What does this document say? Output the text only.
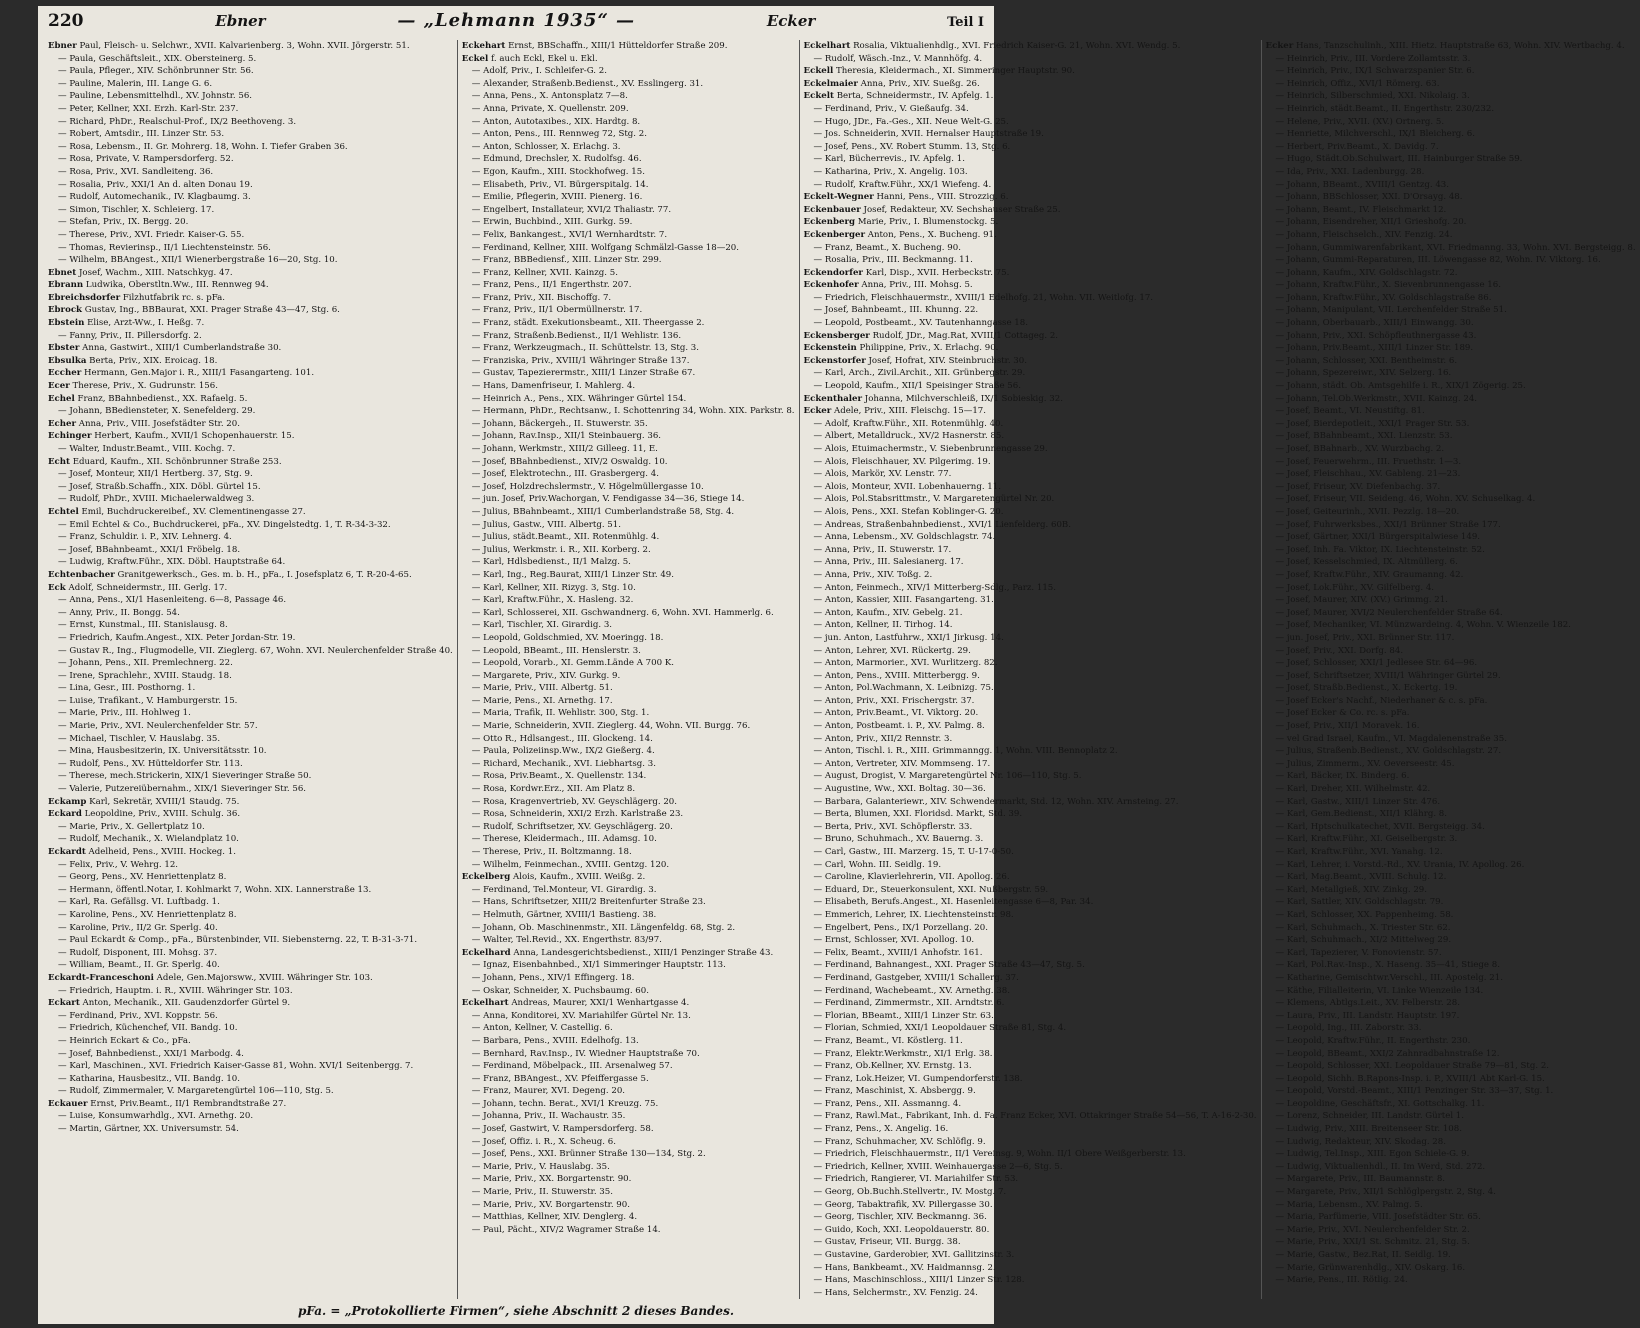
220	Ebner	— „Lehmann 1935“ —	Ecker	Teil I

Ebner Paul, Fleisch- u. Selchwr., XVII. Kalvarienberg. 3, Wohn. XVII. Jörgerstr. 51.

— Paula, Geschäftsleit., XIX. Obersteinerg. 5.

— Paula, Pfleger., XIV. Schönbrunner Str. 56.

— Pauline, Malerin, III. Lange G. 6.

— Pauline, Lebensmittelhdl., XV. Johnstr. 56.

— Peter, Kellner, XXI. Erzh. Karl-Str. 237.

— Richard, PhDr., Realschul-Prof., IX/2 Beethoveng. 3.

— Robert, Amtsdir., III. Linzer Str. 53.

— Rosa, Lebensm., II. Gr. Mohrerg. 18, Wohn. I. Tiefer Graben 36.

— Rosa, Private, V. Rampersdorferg. 52.

— Rosa, Priv., XVI. Sandleiteng. 36.

— Rosalia, Priv., XXI/1 An d. alten Donau 19.

— Rudolf, Automechanik., IV. Klagbaumg. 3.

— Simon, Tischler, X. Schleierg. 17.

— Stefan, Priv., IX. Bergg. 20.

— Therese, Priv., XVI. Friedr. Kaiser-G. 55.

— Thomas, Revierinsp., II/1 Liechtensteinstr. 56.

— Wilhelm, BBAngest., XII/1 Wienerbergstraße 16—20, Stg. 10.

Ebnet Josef, Wachm., XIII. Natschkyg. 47.

Ebrann Ludwika, Oberstltn.Ww., III. Rennweg 94.

Ebreichsdorfer Filzhutfabrik rc. s. pFa.

Ebrock Gustav, Ing., BBBaurat, XXI. Prager Straße 43—47, Stg. 6.

Ebstein Elise, Arzt-Ww., I. Heßg. 7.

— Fanny, Priv., II. Pillersdorfg. 2.

Ebster Anna, Gastwirt., XIII/1 Cumberlandstraße 30.

Ebsulka Berta, Priv., XIX. Eroicag. 18.

Eccher Hermann, Gen.Major i. R., XIII/1 Fasangarteng. 101.

Ecer Therese, Priv., X. Gudrunstr. 156.

Echel Franz, BBahnbedienst., XX. Rafaelg. 5.

— Johann, BBediensteter, X. Senefelderg. 29.

Echer Anna, Priv., VIII. Josefstädter Str. 20.

Echinger Herbert, Kaufm., XVII/1 Schopenhauerstr. 15.

— Walter, Industr.Beamt., VIII. Kochg. 7.

Echt Eduard, Kaufm., XII. Schönbrunner Straße 253.

— Josef, Monteur, XII/1 Hertberg. 37, Stg. 9.

— Josef, Straßb.Schaffn., XIX. Döbl. Gürtel 15.

— Rudolf, PhDr., XVIII. Michaelerwaldweg 3.

Echtel Emil, Buchdruckereibef., XV. Clementinengasse 27.

— Emil Echtel & Co., Buchdruckerei, pFa., XV. Dingelstedtg. 1, T. R-34-3-32.

— Franz, Schuldir. i. P., XIV. Lehnerg. 4.

— Josef, BBahnbeamt., XXI/1 Fröbelg. 18.

— Ludwig, Kraftw.Führ., XIX. Döbl. Hauptstraße 64.

Echtenbacher Granitgewerksch., Ges. m. b. H., pFa., I. Josefsplatz 6, T. R-20-4-65.

Eck Adolf, Schneidermstr., III. Gerlg. 17.

— Anna, Pens., XI/1 Hasenleiteng. 6—8, Passage 46.

— Anny, Priv., II. Bongg. 54.

— Ernst, Kunstmal., III. Stanislausg. 8.

— Friedrich, Kaufm.Angest., XIX. Peter Jordan-Str. 19.

— Gustav R., Ing., Flugmodelle, VII. Zieglerg. 67, Wohn. XVI. Neulerchenfelder Straße 40.

— Johann, Pens., XII. Premlechnerg. 22.

— Irene, Sprachlehr., XVIII. Staudg. 18.

— Lina, Gesr., III. Posthorng. 1.

— Luise, Trafikant., V. Hamburgerstr. 15.

— Marie, Priv., III. Hohlweg 1.

— Marie, Priv., XVI. Neulerchenfelder Str. 57.

— Michael, Tischler, V. Hauslabg. 35.

— Mina, Hausbesitzerin, IX. Universitätsstr. 10.

— Rudolf, Pens., XV. Hütteldorfer Str. 113.

— Therese, mech.Strickerin, XIX/1 Sieveringer Straße 50.

— Valerie, Putzereiübernahm., XIX/1 Sieveringer Str. 56.

Eckamp Karl, Sekretär, XVIII/1 Staudg. 75.

Eckard Leopoldine, Priv., XVIII. Schulg. 36.

— Marie, Priv., X. Gellertplatz 10.

— Rudolf, Mechanik., X. Wielandplatz 10.

Eckardt Adelheid, Pens., XVIII. Hockeg. 1.

— Felix, Priv., V. Wehrg. 12.

— Georg, Pens., XV. Henriettenplatz 8.

— Hermann, öffentl.Notar, I. Kohlmarkt 7, Wohn. XIX. Lannerstraße 13.

— Karl, Ra. Gefällsg. VI. Luftbadg. 1.

— Karoline, Pens., XV. Henriettenplatz 8.

— Karoline, Priv., II/2 Gr. Sperlg. 40.

— Paul Eckardt & Comp., pFa., Bürstenbinder, VII. Siebensterng. 22, T. B-31-3-71.

— Rudolf, Disponent, III. Mohsg. 37.

— William, Beamt., II. Gr. Sperlg. 40.

Eckardt-Franceschoni Adele, Gen.Majorsww., XVIII. Währinger Str. 103.

— Friedrich, Hauptm. i. R., XVIII. Währinger Str. 103.

Eckart Anton, Mechanik., XII. Gaudenzdorfer Gürtel 9.

— Ferdinand, Priv., XVI. Koppstr. 56.

— Friedrich, Küchenchef, VII. Bandg. 10.

— Heinrich Eckart & Co., pFa.

— Josef, Bahnbedienst., XXI/1 Marbodg. 4.

— Karl, Maschinen., XVI. Friedrich Kaiser-Gasse 81, Wohn. XVI/1 Seitenbergg. 7.

— Katharina, Hausbesitz., VII. Bandg. 10.

— Rudolf, Zimmermaler, V. Margaretengürtel 106—110, Stg. 5.

Eckauer Ernst, Priv.Beamt., II/1 Rembrandtstraße 27.

— Luise, Konsumwarhdlg., XVI. Arnethg. 20.

— Martin, Gärtner, XX. Universumstr. 54.

Eckehart Ernst, BBSchaffn., XIII/1 Hütteldorfer Straße 209.

Eckel f. auch Eckl, Ekel u. Ekl.

— Adolf, Priv., I. Schleifer-G. 2.

— Alexander, Straßenb.Bedienst., XV. Esslingerg. 31.

— Anna, Pens., X. Antonsplatz 7—8.

— Anna, Private, X. Quellenstr. 209.

— Anton, Autotaxibes., XIX. Hardtg. 8.

— Anton, Pens., III. Rennweg 72, Stg. 2.

— Anton, Schlosser, X. Erlachg. 3.

— Edmund, Drechsler, X. Rudolfsg. 46.

— Egon, Kaufm., XIII. Stockhofweg. 15.

— Elisabeth, Priv., VI. Bürgerspitalg. 14.

— Emilie, Pflegerin, XVIII. Pienerg. 16.

— Engelbert, Installateur, XVI/2 Thaliastr. 77.

— Erwin, Buchbind., XIII. Gurkg. 59.

— Felix, Bankangest., XVI/1 Wernhardtstr. 7.

— Ferdinand, Kellner, XIII. Wolfgang Schmälzl-Gasse 18—20.

— Franz, BBBediensf., XIII. Linzer Str. 299.

— Franz, Kellner, XVII. Kainzg. 5.

— Franz, Pens., II/1 Engerthstr. 207.

— Franz, Priv., XII. Bischoffg. 7.

— Franz, Priv., II/1 Obermüllnerstr. 17.

— Franz, städt. Exekutionsbeamt., XII. Theergasse 2.

— Franz, Straßenb.Bedienst., II/1 Wehlistr. 136.

— Franz, Werkzeugmach., II. Schüttelstr. 13, Stg. 3.

— Franziska, Priv., XVIII/1 Währinger Straße 137.

— Gustav, Tapezierermstr., XIII/1 Linzer Straße 67.

— Hans, Damenfriseur, I. Mahlerg. 4.

— Heinrich A., Pens., XIX. Währinger Gürtel 154.

— Hermann, PhDr., Rechtsanw., I. Schottenring 34, Wohn. XIX. Parkstr. 8.

— Johann, Bäckergeh., II. Stuwerstr. 35.

— Johann, Rav.Insp., XII/1 Steinbauerg. 36.

— Johann, Werkmstr., XIII/2 Gilleeg. 11, E.

— Josef, BBahnbedienst., XIV/2 Oswaldg. 10.

— Josef, Elektrotechn., III. Grasbergerg. 4.

— Josef, Holzdrechslermstr., V. Högelmüllergasse 10.

— jun. Josef, Priv.Wachorgan, V. Fendigasse 34—36, Stiege 14.

— Julius, BBahnbeamt., XIII/1 Cumberlandstraße 58, Stg. 4.

— Julius, Gastw., VIII. Albertg. 51.

— Julius, städt.Beamt., XII. Rotenmühlg. 4.

— Julius, Werkmstr. i. R., XII. Korberg. 2.

— Karl, Hdlsbedienst., II/1 Malzg. 5.

— Karl, Ing., Reg.Baurat, XIII/1 Linzer Str. 49.

— Karl, Kellner, XII. Rizyg. 3, Stg. 10.

— Karl, Kraftw.Führ., X. Hasleng. 32.

— Karl, Schlosserei, XII. Gschwandnerg. 6, Wohn. XVI. Hammerlg. 6.

— Karl, Tischler, XI. Girardig. 3.

— Leopold, Goldschmied, XV. Moeringg. 18.

— Leopold, BBeamt., III. Henslerstr. 3.

— Leopold, Vorarb., XI. Gemm.Lände A 700 K.

— Margarete, Priv., XIV. Gurkg. 9.

— Marie, Priv., VIII. Albertg. 51.

— Marie, Pens., XI. Arnethg. 17.

— Maria, Trafik, II. Wehlistr. 300, Stg. 1.

— Marie, Schneiderin, XVII. Zieglerg. 44, Wohn. VII. Burgg. 76.

— Otto R., Hdlsangest., III. Glockeng. 14.

— Paula, Polizeiinsp.Ww., IX/2 Gießerg. 4.

— Richard, Mechanik., XVI. Liebhartsg. 3.

— Rosa, Priv.Beamt., X. Quellenstr. 134.

— Rosa, Kordwr.Erz., XII. Am Platz 8.

— Rosa, Kragenvertrieb, XV. Geyschlägerg. 20.

— Rosa, Schneiderin, XXI/2 Erzh. Karlstraße 23.

— Rudolf, Schriftsetzer, XV. Geyschlägerg. 20.

— Therese, Kleidermach., III. Adamsg. 10.

— Therese, Priv., II. Boltzmanng. 18.

— Wilhelm, Feinmechan., XVIII. Gentzg. 120.

Eckelberg Alois, Kaufm., XVIII. Weißg. 2.

— Ferdinand, Tel.Monteur, VI. Girardig. 3.

— Hans, Schriftsetzer, XIII/2 Breitenfurter Straße 23.

— Helmuth, Gärtner, XVIII/1 Bastieng. 38.

— Johann, Ob. Maschinenmstr., XII. Längenfeldg. 68, Stg. 2.

— Walter, Tel.Revid., XX. Engerthstr. 83/97.

Eckelhard Anna, Landesgerichtsbedienst., XIII/1 Penzinger Straße 43.

— Ignaz, Eisenbahnbed., XI/1 Simmeringer Hauptstr. 113.

— Johann, Pens., XIV/1 Effingerg. 18.

— Oskar, Schneider, X. Puchsbaumg. 60.

Eckelhart Andreas, Maurer, XXI/1 Wenhartgasse 4.

— Anna, Konditorei, XV. Mariahilfer Gürtel Nr. 13.

— Anton, Kellner, V. Castellig. 6.

— Barbara, Pens., XVIII. Edelhofg. 13.

— Bernhard, Rav.Insp., IV. Wiedner Hauptstraße 70.

— Ferdinand, Möbelpack., III. Arsenalweg 57.

— Franz, BBAngest., XV. Pfeiffergasse 5.

— Franz, Maurer, XVI. Degeng. 20.

— Johann, techn. Berat., XVI/1 Kreuzg. 75.

— Johanna, Priv., II. Wachaustr. 35.

— Josef, Gastwirt, V. Rampersdorferg. 58.

— Josef, Offiz. i. R., X. Scheug. 6.

— Josef, Pens., XXI. Brünner Straße 130—134, Stg. 2.

— Marie, Priv., V. Hauslabg. 35.

— Marie, Priv., XX. Borgartenstr. 90.

— Marie, Priv., II. Stuwerstr. 35.

— Marie, Priv., XV. Borgartenstr. 90.

— Matthias, Kellner, XIV. Denglerg. 4.

— Paul, Pächt., XIV/2 Wagramer Straße 14.

Eckelhart Rosalia, Viktualienhdlg., XVI. Friedrich Kaiser-G. 21, Wohn. XVI. Wendg. 5.

— Rudolf, Wäsch.-Inz., V. Mannhöfg. 4.

Eckell Theresia, Kleidermach., XI. Simmeringer Hauptstr. 90.

Eckelmaier Anna, Priv., XIV. Sueßg. 26.

Eckelt Berta, Schneidermstr., IV. Apfelg. 1.

— Ferdinand, Priv., V. Gießaufg. 34.

— Hugo, JDr., Fa.-Ges., XII. Neue Welt-G. 25.

— Jos. Schneiderin, XVII. Hernalser Hauptstraße 19.

— Josef, Pens., XV. Robert Stumm. 13, Stg. 6.

— Karl, Bücherrevis., IV. Apfelg. 1.

— Katharina, Priv., X. Angelig. 103.

— Rudolf, Kraftw.Führ., XX/1 Wiefeng. 4.

Eckelt-Wegner Hanni, Pens., VIII. Strozzig. 6.

Eckenbauer Josef, Redakteur, XV. Sechshauser Straße 25.

Eckenberg Marie, Priv., I. Blumenstockg. 5.

Eckenberger Anton, Pens., X. Bucheng. 91.

— Franz, Beamt., X. Bucheng. 90.

— Rosalia, Priv., III. Beckmanng. 11.

Eckendorfer Karl, Disp., XVII. Herbeckstr. 75.

Eckenhofer Anna, Priv., III. Mohsg. 5.

— Friedrich, Fleischhauermstr., XVIII/1 Edelhofg. 21, Wohn. VII. Weitlofg. 17.

— Josef, Bahnbeamt., III. Khunng. 22.

— Leopold, Postbeamt., XV. Tautenhanngasse 18.

Eckensberger Rudolf, JDr., Mag.Rat, XVIII/1 Cottageg. 2.

Eckenstein Philippine, Priv., X. Erlachg. 90.

Eckenstorfer Josef, Hofrat, XIV. Steinbruchstr. 30.

— Karl, Arch., Zivil.Archit., XII. Grünbergstr. 29.

— Leopold, Kaufm., XII/1 Speisinger Straße 56.

Eckenthaler Johanna, Milchverschleiß, IX/1 Sobieskig. 32.

Ecker Adele, Priv., XIII. Fleischg. 15—17.

— Adolf, Kraftw.Führ., XII. Rotenmühlg. 40.

— Albert, Metalldruck., XV/2 Hasnerstr. 85.

— Alois, Etuimachermstr., V. Siebenbrunnengasse 29.

— Alois, Fleischhauer, XV. Pilgerimg. 19.

— Alois, Markör, XV. Lenstr. 77.

— Alois, Monteur, XVII. Lobenhauerng. 11.

— Alois, Pol.Stabsrittmstr., V. Margaretengürtel Nr. 20.

— Alois, Pens., XXI. Stefan Koblinger-G. 20.

— Andreas, Straßenbahnbedienst., XVI/1 Lienfelderg. 60B.

— Anna, Lebensm., XV. Goldschlagstr. 74.

— Anna, Priv., II. Stuwerstr. 17.

— Anna, Priv., III. Salesianerg. 17.

— Anna, Priv., XIV. Toßg. 2.

— Anton, Feinmech., XIV/1 Mitterberg-Sdlg., Parz. 115.

— Anton, Kassier, XIII. Fasangarteng. 31.

— Anton, Kaufm., XIV. Gebelg. 21.

— Anton, Kellner, II. Tirhog. 14.

— jun. Anton, Lastfuhrw., XXI/1 Jirkusg. 14.

— Anton, Lehrer, XVI. Rückertg. 29.

— Anton, Marmorier., XVI. Wurlitzerg. 82.

— Anton, Pens., XVIII. Mitterbergg. 9.

— Anton, Pol.Wachmann, X. Leibnizg. 75.

— Anton, Priv., XXI. Frischergstr. 37.

— Anton, Priv.Beamt., VI. Viktorg. 20.

— Anton, Postbeamt. i. P., XV. Palmg. 8.

— Anton, Priv., XII/2 Rennstr. 3.

— Anton, Tischl. i. R., XIII. Grimmanngg. 1, Wohn. VIII. Bennoplatz 2.

— Anton, Vertreter, XIV. Mommseng. 17.

— August, Drogist, V. Margaretengürtel Nr. 106—110, Stg. 5.

— Augustine, Ww., XXI. Boltag. 30—36.

— Barbara, Galanteriewr., XIV. Schwendermarkt, Std. 12, Wohn. XIV. Arnsteing. 27.

— Berta, Blumen, XXI. Floridsd. Markt, Std. 39.

— Berta, Priv., XVI. Schöpflerstr. 33.

— Bruno, Schuhmach., XV. Bauerng. 3.

— Carl, Gastw., III. Marzerg. 15, T. U-17-0-50.

— Carl, Wohn. III. Seidlg. 19.

— Caroline, Klavierlehrerin, VII. Apollog. 26.

— Eduard, Dr., Steuerkonsulent, XXI. Nußbergstr. 59.

— Elisabeth, Berufs.Angest., XI. Hasenleitengasse 6—8, Par. 34.

— Emmerich, Lehrer, IX. Liechtensteinstr. 98.

— Engelbert, Pens., IX/1 Porzellang. 20.

— Ernst, Schlosser, XVI. Apollog. 10.

— Felix, Beamt., XVIII/1 Anhofstr. 161.

— Ferdinand, Bahnangest., XXI. Prager Straße 43—47, Stg. 5.

— Ferdinand, Gastgeber, XVIII/1 Schallerg. 37.

— Ferdinand, Wachebeamt., XV. Arnethg. 38.

— Ferdinand, Zimmermstr., XII. Arndtstr. 6.

— Florian, BBeamt., XIII/1 Linzer Str. 63.

— Florian, Schmied, XXI/1 Leopoldauer Straße 81, Stg. 4.

— Franz, Beamt., VI. Köstlerg. 11.

— Franz, Elektr.Werkmstr., XI/1 Erlg. 38.

— Franz, Ob.Kellner, XV. Ernstg. 13.

— Franz, Lok.Heizer, VI. Gumpendorferstr. 138.

— Franz, Maschinist, X. Absbergg. 9.

— Franz, Pens., XII. Assmanng. 4.

— Franz, Rawl.Mat., Fabrikant, Inh. d. Fa. Franz Ecker, XVI. Ottakringer Straße 54—56, T. A-16-2-30.

— Franz, Pens., X. Angelig. 16.

— Franz, Schuhmacher, XV. Schlöflg. 9.

— Friedrich, Fleischhauermstr., II/1 Vereinsg. 9, Wohn. II/1 Obere Weißgerberstr. 13.

— Friedrich, Kellner, XVIII. Weinhauergasse 2—6, Stg. 5.

— Friedrich, Rangierer, VI. Mariahilfer Str. 53.

— Georg, Ob.Buchh.Stellvertr., IV. Mostg. 7.

— Georg, Tabaktrafik, XV. Pillergasse 30.

— Georg, Tischler, XIV. Beckmanng. 36.

— Guido, Koch, XXI. Leopoldauerstr. 80.

— Gustav, Friseur, VII. Burgg. 38.

— Gustavine, Garderobier, XVI. Gallitzinstr. 3.

— Hans, Bankbeamt., XV. Haidmannsg. 2.

— Hans, Maschinschloss., XIII/1 Linzer Str. 128.

— Hans, Selchermstr., XV. Fenzig. 24.

Ecker Hans, Tanzschulinh., XIII. Hietz. Hauptstraße 63, Wohn. XIV. Wertbachg. 4.

— Heinrich, Priv., III. Vordere Zollamtsstr. 3.

— Heinrich, Priv., IX/1 Schwarzspanier Str. 6.

— Heinrich, Offiz., XVI/1 Römerg. 63.

— Heinrich, Silberschmied, XXI. Nikolaig. 3.

— Heinrich, städt.Beamt., II. Engerthstr. 230/232.

— Helene, Priv., XVII. (XV.) Ortnerg. 5.

— Henriette, Milchverschl., IX/1 Bleicherg. 6.

— Herbert, Priv.Beamt., X. Davidg. 7.

— Hugo, Städt.Ob.Schulwart, III. Hainburger Straße 59.

— Ida, Priv., XXI. Ladenburgg. 28.

— Johann, BBeamt., XVIII/1 Gentzg. 43.

— Johann, BBSchlosser, XXI. D'Orsayg. 48.

— Johann, Beamt., IV. Fleischmarkt 12.

— Johann, Eisendreher, XII/1 Grieshofg. 20.

— Johann, Fleischselch., XIV. Fenzig. 24.

— Johann, Gummiwarenfabrikant, XVI. Friedmanng. 33, Wohn. XVI. Bergsteigg. 8.

— Johann, Gummi-Reparaturen, III. Löwengasse 82, Wohn. IV. Viktorg. 16.

— Johann, Kaufm., XIV. Goldschlagstr. 72.

— Johann, Kraftw.Führ., X. Sievenbrunnengasse 16.

— Johann, Kraftw.Führ., XV. Goldschlagstraße 86.

— Johann, Manipulant, VII. Lerchenfelder Straße 51.

— Johann, Oberbauarb., XIII/1 Einwangg. 30.

— Johann, Priv., XXI. Schöpfleuthnergasse 43.

— Johann, Priv.Beamt., XIII/1 Linzer Str. 189.

— Johann, Schlosser, XXI. Bentheimstr. 6.

— Johann, Spezereiwr., XIV. Selzerg. 16.

— Johann, städt. Ob. Amtsgehilfe i. R., XIX/1 Zögerig. 25.

— Johann, Tel.Ob.Werkmstr., XVII. Kainzg. 24.

— Josef, Beamt., VI. Neustiftg. 81.

— Josef, Bierdepotleit., XXI/1 Prager Str. 53.

— Josef, BBahnbeamt., XXI. Lienzstr. 53.

— Josef, BBahnarb., XV. Wurzbachg. 2.

— Josef, Feuerwehrm., III. Fruethstr. 1—3.

— Josef, Fleischhau., XV. Gableng. 21—23.

— Josef, Friseur, XV. Diefenbachg. 37.

— Josef, Friseur, VII. Seideng. 46, Wohn. XV. Schuselkag. 4.

— Josef, Geiteurinh., XVII. Pezzlg. 18—20.

— Josef, Fuhrwerksbes., XXI/1 Brünner Straße 177.

— Josef, Gärtner, XXI/1 Bürgerspitalwiese 149.

— Josef, Inh. Fa. Viktor, IX. Liechtensteinstr. 52.

— Josef, Kesselschmied, IX. Altmüllerg. 6.

— Josef, Kraftw.Führ., XIV. Graumanng. 42.

— Josef, Lok.Führ., XV. Gilfelberg. 4.

— Josef, Maurer, XIV. (XV.) Grimmg. 21.

— Josef, Maurer, XVI/2 Neulerchenfelder Straße 64.

— Josef, Mechaniker, VI. Münzwardeing. 4, Wohn. V. Wienzeile 182.

— jun. Josef, Priv., XXI. Brünner Str. 117.

— Josef, Priv., XXI. Dorfg. 84.

— Josef, Schlosser, XXI/1 Jedlesee Str. 64—96.

— Josef, Schriftsetzer, XVIII/1 Währinger Gürtel 29.

— Josef, Straßb.Bedienst., X. Eckertg. 19.

— Josef Ecker's Nachf., Niederhaner & c. s. pFa.

— Josef Ecker & Co. rc. s. pFa.

— Josef, Priv., XII/1 Moravek. 16.

— vel Grad Israel, Kaufm., VI. Magdalenenstraße 35.

— Julius, Straßenb.Bedienst., XV. Goldschlagstr. 27.

— Julius, Zimmerm., XV. Oeverseestr. 45.

— Karl, Bäcker, IX. Binderg. 6.

— Karl, Dreher, XII. Wilhelmstr. 42.

— Karl, Gastw., XIII/1 Linzer Str. 476.

— Karl, Gem.Bedienst., XII/1 Klährg. 8.

— Karl, Hptschulkatechet, XVII. Bergsteigg. 34.

— Karl, Kraftw.Führ., XI. Geiselbergstr. 3.

— Karl, Kraftw.Führ., XVI. Yanahg. 12.

— Karl, Lehrer, i. Vorstd.-Rd., XV. Urania, IV. Apollog. 26.

— Karl, Mag.Beamt., XVIII. Schulg. 12.

— Karl, Metallgieß, XIV. Zinkg. 29.

— Karl, Sattler, XIV. Goldschlagstr. 79.

— Karl, Schlosser, XX. Pappenheimg. 58.

— Karl, Schuhmach., X. Triester Str. 62.

— Karl, Schuhmach., XI/2 Mittelweg 29.

— Karl, Tapezierer, V. Fonovienstr. 57.

— Karl, Pol.Rav.-Insp., X. Haseng. 35—41, Stiege 8.

— Katharine, Gemischtwr.Verschl., III. Apostelg. 21.

— Käthe, Filialleiterin, VI. Linke Wienzeile 134.

— Klemens, Abtlgs.Leit., XV. Felberstr. 28.

— Laura, Priv., III. Landstr. Hauptstr. 197.

— Leopold, Ing., III. Zaborstr. 33.

— Leopold, Kraftw.Führ., II. Engerthstr. 230.

— Leopold, BBeamt., XXI/2 Zahnradbahnstraße 12.

— Leopold, Schlosser, XXI. Leopoldauer Straße 79—81, Stg. 2.

— Leopold, Sichh. B.Rapons-Insp. i. P., XVIII/1 Abt Karl-G. 15.

— Leopold, Vorstd.-Beamt., XIII/1 Penzinger Str. 33—37, Stg. 1.

— Leopoldine, Geschäftsfr., XI. Gottschalkg. 11.

— Lorenz, Schneider, III. Landstr. Gürtel 1.

— Ludwig, Priv., XIII. Breitenseer Str. 108.

— Ludwig, Redakteur, XIV. Skodag. 28.

— Ludwig, Tel.Insp., XIII. Egon Schiele-G. 9.

— Ludwig, Viktualienhdl., II. Im Werd, Std. 272.

— Margarete, Priv., III. Baumannstr. 8.

— Margarete, Priv., XII/1 Schlöglpergstr. 2, Stg. 4.

— Maria, Lebensm., XV. Palmg. 5.

— Maria, Parfümerie, VIII. Josefstädter Str. 65.

— Marie, Priv., XVI. Neulerchenfelder Str. 2.

— Marie, Priv., XXI/1 St. Schmitz. 21, Stg. 5.

— Marie, Gastw., Bez.Rat, II. Seidlg. 19.

— Marie, Grünwarenhdlg., XIV. Oskarg. 16.

— Marie, Pens., III. Rötlig. 24.

pFa. = „Protokollierte Firmen“, siehe Abschnitt 2 dieses Bandes.
